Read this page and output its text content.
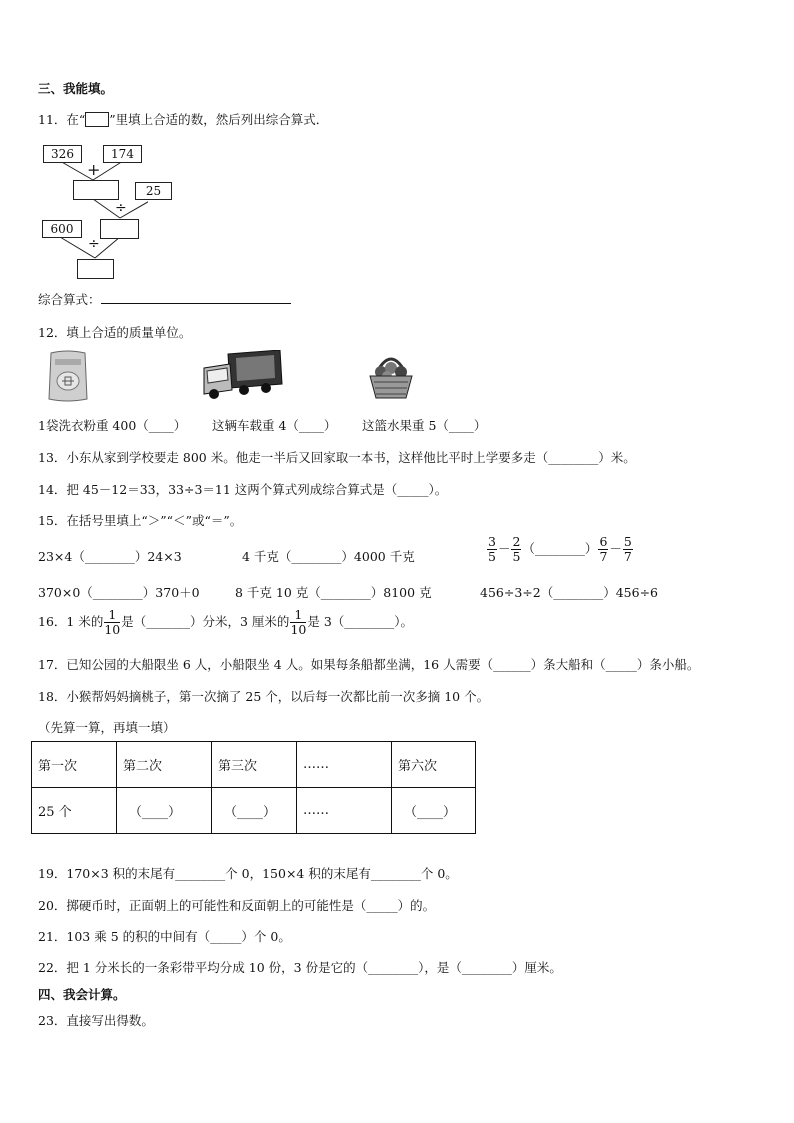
三、我能填。
11．在“ ”里填上合适的数，然后列出综合算式．
326	174
+
25
÷
600
÷
综合算式：
12．填上合适的质量单位。
1袋洗衣粉重 400（____） 这辆车载重 4（____） 这篮水果重 5（____）
13．小东从家到学校要走 800 米。他走一半后又回家取一本书，这样他比平时上学要多走（________）米。
14．把 45－12＝33，33÷3＝11 这两个算式列成综合算式是（_____）。
15．在括号里填上“＞”“＜”或“＝”。
23×4（________）24×3	4 千克（________）4000 千克	$\frac{3}{5} - \frac{2}{5}$ （________） $\frac{6}{7} - \frac{5}{7}$
370×0（________）370＋0	8 千克 10 克（________）8100 克	456÷3÷2（________）456÷6
16．1 米的 $\frac{1}{10}$ 是（_______）分米，3 厘米的 $\frac{1}{10}$ 是 3（________）。
17．已知公园的大船限坐 6 人，小船限坐 4 人。如果每条船都坐满，16 人需要（______）条大船和（_____）条小船。
18．小猴帮妈妈摘桃子，第一次摘了 25 个，以后每一次都比前一次多摘 10 个。
（先算一算，再填一填）
第一次	第二次	第三次	……	第六次
25 个	（____）	（____）	……	（____）
19．170×3 积的末尾有________个 0，150×4 积的末尾有________个 0。
20．掷硬币时，正面朝上的可能性和反面朝上的可能性是（_____）的。
21．103 乘 5 的积的中间有（_____）个 0。
22．把 1 分米长的一条彩带平均分成 10 份，3 份是它的（________），是（________）厘米。
四、我会计算。
23．直接写出得数。
